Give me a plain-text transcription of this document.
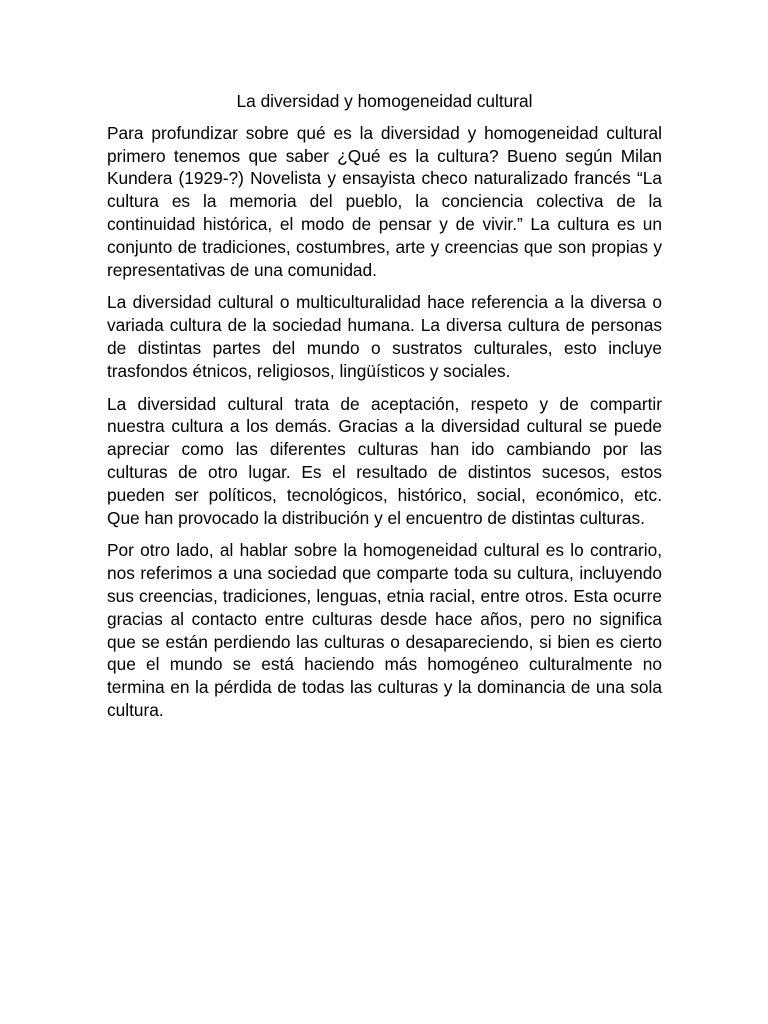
La diversidad y homogeneidad cultural

Para profundizar sobre qué es la diversidad y homogeneidad cultural primero tenemos que saber ¿Qué es la cultura? Bueno según Milan Kundera (1929-?) Novelista y ensayista checo naturalizado francés “La cultura es la memoria del pueblo, la conciencia colectiva de la continuidad histórica, el modo de pensar y de vivir.” La cultura es un conjunto de tradiciones, costumbres, arte y creencias que son propias y representativas de una comunidad.

La diversidad cultural o multiculturalidad hace referencia a la diversa o variada cultura de la sociedad humana. La diversa cultura de personas de distintas partes del mundo o sustratos culturales, esto incluye trasfondos étnicos, religiosos, lingüísticos y sociales.

La diversidad cultural trata de aceptación, respeto y de compartir nuestra cultura a los demás. Gracias a la diversidad cultural se puede apreciar como las diferentes culturas han ido cambiando por las culturas de otro lugar. Es el resultado de distintos sucesos, estos pueden ser políticos, tecnológicos, histórico, social, económico, etc. Que han provocado la distribución y el encuentro de distintas culturas.

Por otro lado, al hablar sobre la homogeneidad cultural es lo contrario, nos referimos a una sociedad que comparte toda su cultura, incluyendo sus creencias, tradiciones, lenguas, etnia racial, entre otros. Esta ocurre gracias al contacto entre culturas desde hace años, pero no significa que se están perdiendo las culturas o desapareciendo, si bien es cierto que el mundo se está haciendo más homogéneo culturalmente no termina en la pérdida de todas las culturas y la dominancia de una sola cultura.
